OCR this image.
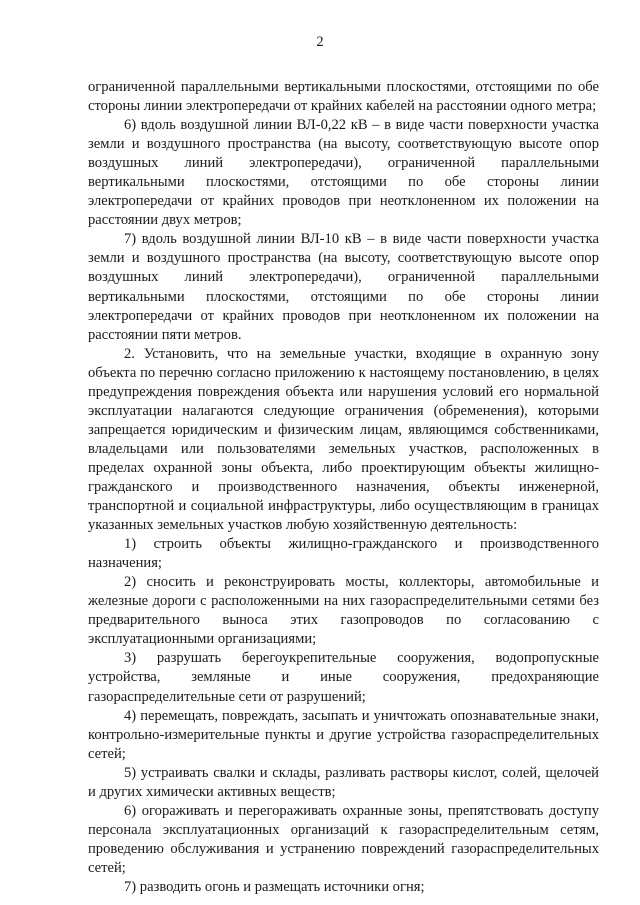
2

ограниченной параллельными вертикальными плоскостями, отстоящими по обе стороны линии электропередачи от крайних кабелей на расстоянии одного метра;

6) вдоль воздушной линии ВЛ-0,22 кВ – в виде части поверхности участка земли и воздушного пространства (на высоту, соответствующую высоте опор воздушных линий электропередачи), ограниченной параллельными вертикальными плоскостями, отстоящими по обе стороны линии электропередачи от крайних проводов при неотклоненном их положении на расстоянии двух метров;

7) вдоль воздушной линии ВЛ-10 кВ – в виде части поверхности участка земли и воздушного пространства (на высоту, соответствующую высоте опор воздушных линий электропередачи), ограниченной параллельными вертикальными плоскостями, отстоящими по обе стороны линии электропередачи от крайних проводов при неотклоненном их положении на расстоянии пяти метров.

2. Установить, что на земельные участки, входящие в охранную зону объекта по перечню согласно приложению к настоящему постановлению, в целях предупреждения повреждения объекта или нарушения условий его нормальной эксплуатации налагаются следующие ограничения (обременения), которыми запрещается юридическим и физическим лицам, являющимся собственниками, владельцами или пользователями земельных участков, расположенных в пределах охранной зоны объекта, либо проектирующим объекты жилищно-гражданского и производственного назначения, объекты инженерной, транспортной и социальной инфраструктуры, либо осуществляющим в границах указанных земельных участков любую хозяйственную деятельность:

1) строить объекты жилищно-гражданского и производственного назначения;

2) сносить и реконструировать мосты, коллекторы, автомобильные и железные дороги с расположенными на них газораспределительными сетями без предварительного выноса этих газопроводов по согласованию с эксплуатационными организациями;

3) разрушать берегоукрепительные сооружения, водопропускные устройства, земляные и иные сооружения, предохраняющие газораспределительные сети от разрушений;

4) перемещать, повреждать, засыпать и уничтожать опознавательные знаки, контрольно-измерительные пункты и другие устройства газораспределительных сетей;

5) устраивать свалки и склады, разливать растворы кислот, солей, щелочей и других химически активных веществ;

6) огораживать и перегораживать охранные зоны, препятствовать доступу персонала эксплуатационных организаций к газораспределительным сетям, проведению обслуживания и устранению повреждений газораспределительных сетей;

7) разводить огонь и размещать источники огня;
